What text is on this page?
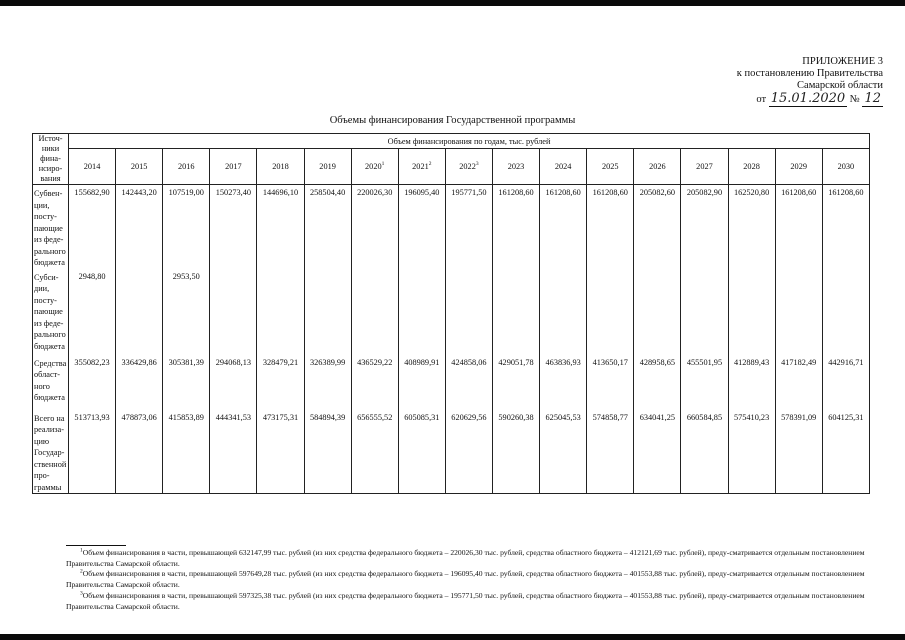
ПРИЛОЖЕНИЕ 3
к постановлению Правительства
Самарской области
от 15.01.2020 № 12
Объемы финансирования Государственной программы
Источ-ники фина-нсиро-вания	Объем финансирования по годам, тыс. рублей																
	2014	2015	2016	2017	2018	2019	2020$^1$	2021$^2$	2022$^3$	2023	2024	2025	2026	2027	2028	2029	2030
Субвен-ции, посту-пающие из феде-рального бюджета	155682,90	142443,20	107519,00	150273,40	144696,10	258504,40	220026,30	196095,40	195771,50	161208,60	161208,60	161208,60	205082,60	205082,90	162520,80	161208,60	161208,60
Субси-дии, посту-пающие из феде-рального бюджета	2948,80		2953,50														
Средства област-ного бюджета	355082,23	336429,86	305381,39	294068,13	328479,21	326389,99	436529,22	408989,91	424858,06	429051,78	463836,93	413650,17	428958,65	455501,95	412889,43	417182,49	442916,71
Всего на реализа-цию Государ-ственной про-граммы	513713,93	478873,06	415853,89	444341,53	473175,31	584894,39	656555,52	605085,31	620629,56	590260,38	625045,53	574858,77	634041,25	660584,85	575410,23	578391,09	604125,31
$^1$Объем финансирования в части, превышающей 632147,99 тыс. рублей (из них средства федерального бюджета – 220026,30 тыс. рублей, средства областного бюджета – 412121,69 тыс. рублей), преду-сматривается отдельным постановлением Правительства Самарской области.
$^2$Объем финансирования в части, превышающей 597649,28 тыс. рублей (из них средства федерального бюджета – 196095,40 тыс. рублей, средства областного бюджета – 401553,88 тыс. рублей), преду-сматривается отдельным постановлением Правительства Самарской области.
$^3$Объем финансирования в части, превышающей 597325,38 тыс. рублей (из них средства федерального бюджета – 195771,50 тыс. рублей, средства областного бюджета – 401553,88 тыс. рублей), преду-сматривается отдельным постановлением Правительства Самарской области.
